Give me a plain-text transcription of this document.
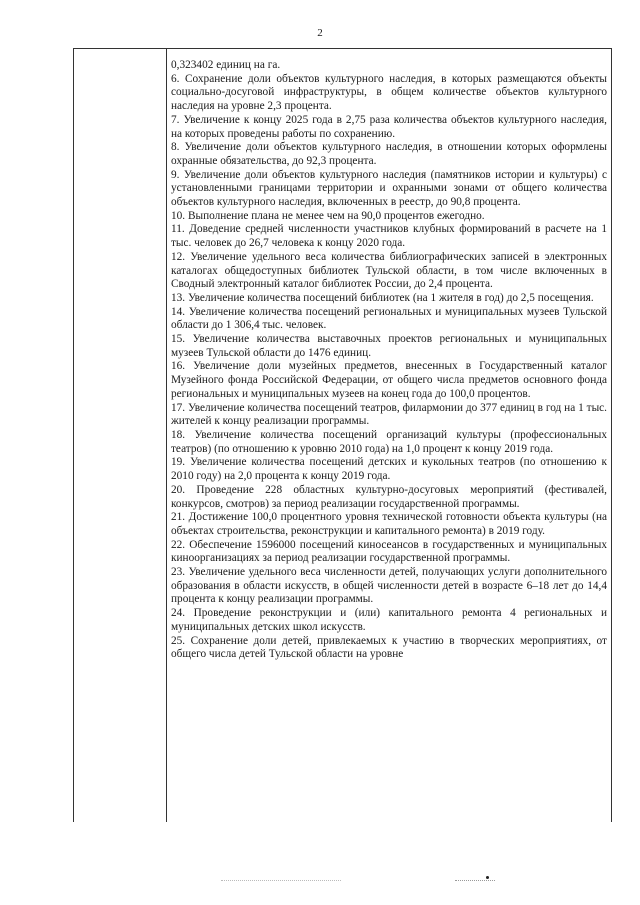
2

0,323402 единиц на га.

6. Сохранение доли объектов культурного наследия, в которых размещаются объекты социально-досуговой инфраструктуры, в общем количестве объектов культурного наследия на уровне 2,3 процента.

7. Увеличение к концу 2025 года в 2,75 раза количества объектов культурного наследия, на которых проведены работы по сохранению.

8. Увеличение доли объектов культурного наследия, в отношении которых оформлены охранные обязательства, до 92,3 процента.

9. Увеличение доли объектов культурного наследия (памятников истории и культуры) с установленными границами территории и охранными зонами от общего количества объектов культурного наследия, включенных в реестр, до 90,8 процента.

10. Выполнение плана не менее чем на 90,0 процентов ежегодно.

11. Доведение средней численности участников клубных формирований в расчете на 1 тыс. человек до 26,7 человека к концу 2020 года.

12. Увеличение удельного веса количества библиографических записей в электронных каталогах общедоступных библиотек Тульской области, в том числе включенных в Сводный электронный каталог библиотек России, до 2,4 процента.

13. Увеличение количества посещений библиотек (на 1 жителя в год) до 2,5 посещения.

14. Увеличение количества посещений региональных и муниципальных музеев Тульской области до 1 306,4 тыс. человек.

15. Увеличение количества выставочных проектов региональных и муниципальных музеев Тульской области до 1476 единиц.

16. Увеличение доли музейных предметов, внесенных в Государственный каталог Музейного фонда Российской Федерации, от общего числа предметов основного фонда региональных и муниципальных музеев на конец года до 100,0 процентов.

17. Увеличение количества посещений театров, филармонии до 377 единиц в год на 1 тыс. жителей к концу реализации программы.

18. Увеличение количества посещений организаций культуры (профессиональных театров) (по отношению к уровню 2010 года) на 1,0 процент к концу 2019 года.

19. Увеличение количества посещений детских и кукольных театров (по отношению к 2010 году) на 2,0 процента к концу 2019 года.

20. Проведение 228 областных культурно-досуговых мероприятий (фестивалей, конкурсов, смотров) за период реализации государственной программы.

21. Достижение 100,0 процентного уровня технической готовности объекта культуры (на объектах строительства, реконструкции и капитального ремонта) в 2019 году.

22. Обеспечение 1596000 посещений киносеансов в государственных и муниципальных киноорганизациях за период реализации государственной программы.

23. Увеличение удельного веса численности детей, получающих услуги дополнительного образования в области искусств, в общей численности детей в возрасте 6–18 лет до 14,4 процента к концу реализации программы.

24. Проведение реконструкции и (или) капитального ремонта 4 региональных и муниципальных детских школ искусств.

25. Сохранение доли детей, привлекаемых к участию в творческих мероприятиях, от общего числа детей Тульской области на уровне
